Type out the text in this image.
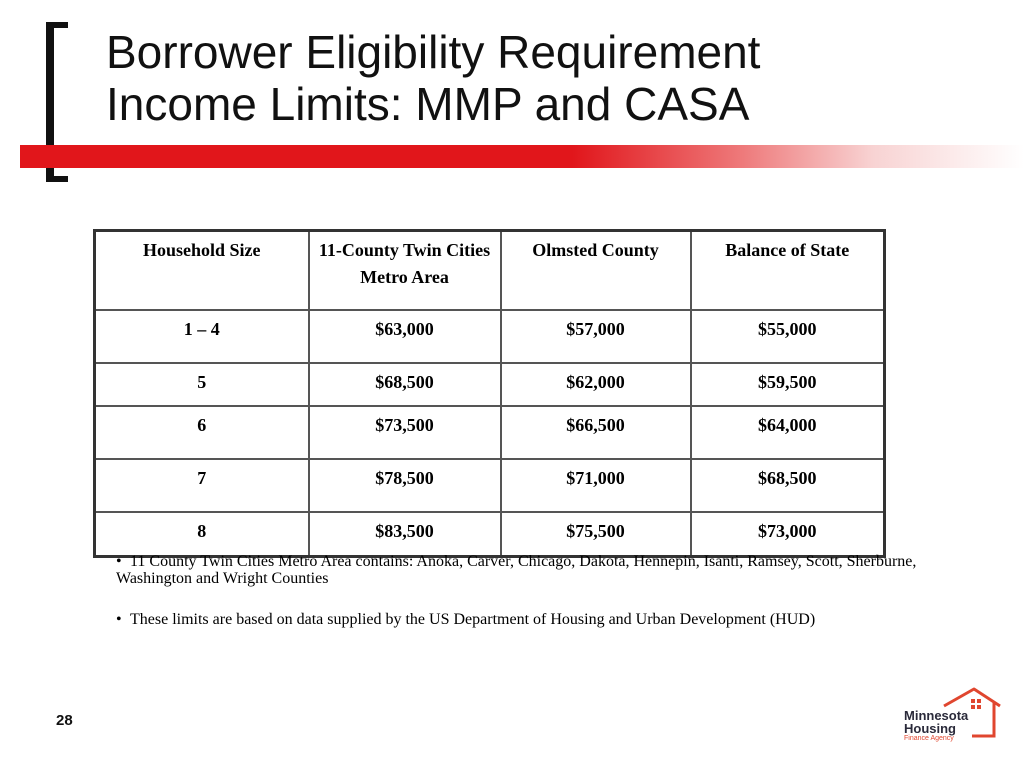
Borrower Eligibility Requirement
Income Limits: MMP and CASA
Household Size	11-County Twin Cities Metro Area	Olmsted County	Balance of State
1 – 4	$63,000	$57,000	$55,000
5	$68,500	$62,000	$59,500
6	$73,500	$66,500	$64,000
7	$78,500	$71,000	$68,500
8	$83,500	$75,500	$73,000

• 11 County Twin Cities Metro Area contains: Anoka, Carver, Chicago, Dakota, Hennepin, Isanti, Ramsey, Scott, Sherburne, Washington and Wright Counties

• These limits are based on data supplied by the US Department of Housing and Urban Development (HUD)

28	Minnesota
Housing
Finance Agency
